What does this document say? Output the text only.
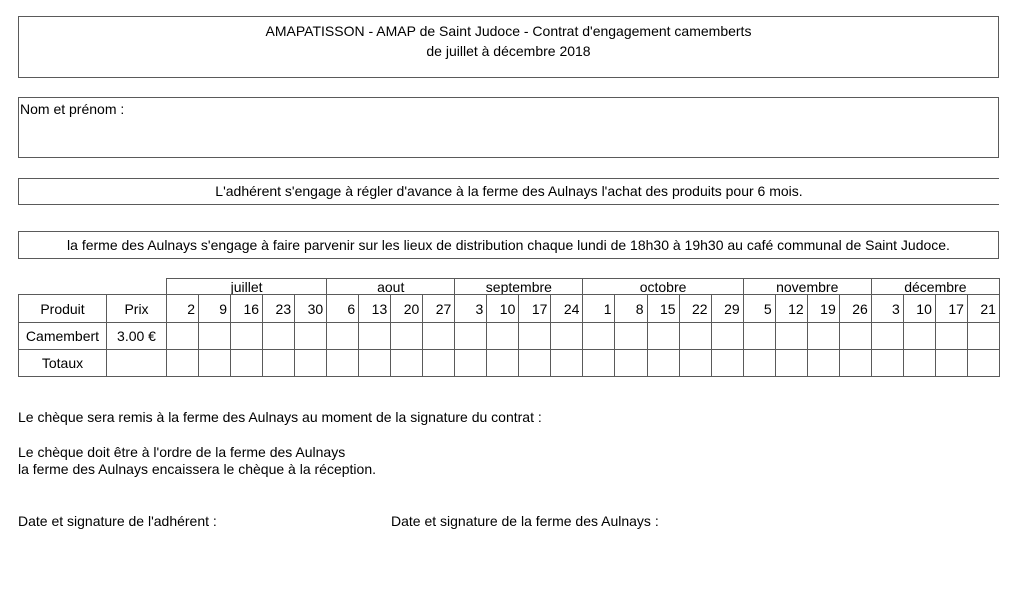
AMAPATISSON - AMAP de Saint Judoce - Contrat d'engagement camemberts
de juillet à décembre 2018
Nom et prénom :
L'adhérent s'engage à régler d'avance à la ferme des Aulnays l'achat des produits pour 6 mois.
la ferme des Aulnays s'engage à faire parvenir sur les lieux de distribution chaque lundi de 18h30 à 19h30 au café communal de Saint Judoce.
		juillet					aout				septembre				octobre					novembre				décembre			
Produit	Prix	2	9	16	23	30	6	13	20	27	3	10	17	24	1	8	15	22	29	5	12	19	26	3	10	17	21
Camembert	3.00 €																										
Totaux																											
Le chèque sera remis à la ferme des Aulnays au moment de la signature du contrat :
Le chèque doit être à l'ordre de la ferme des Aulnays
la ferme des Aulnays encaissera le chèque à la réception.
Date et signature de l'adhérent :	Date et signature de la ferme des Aulnays :
